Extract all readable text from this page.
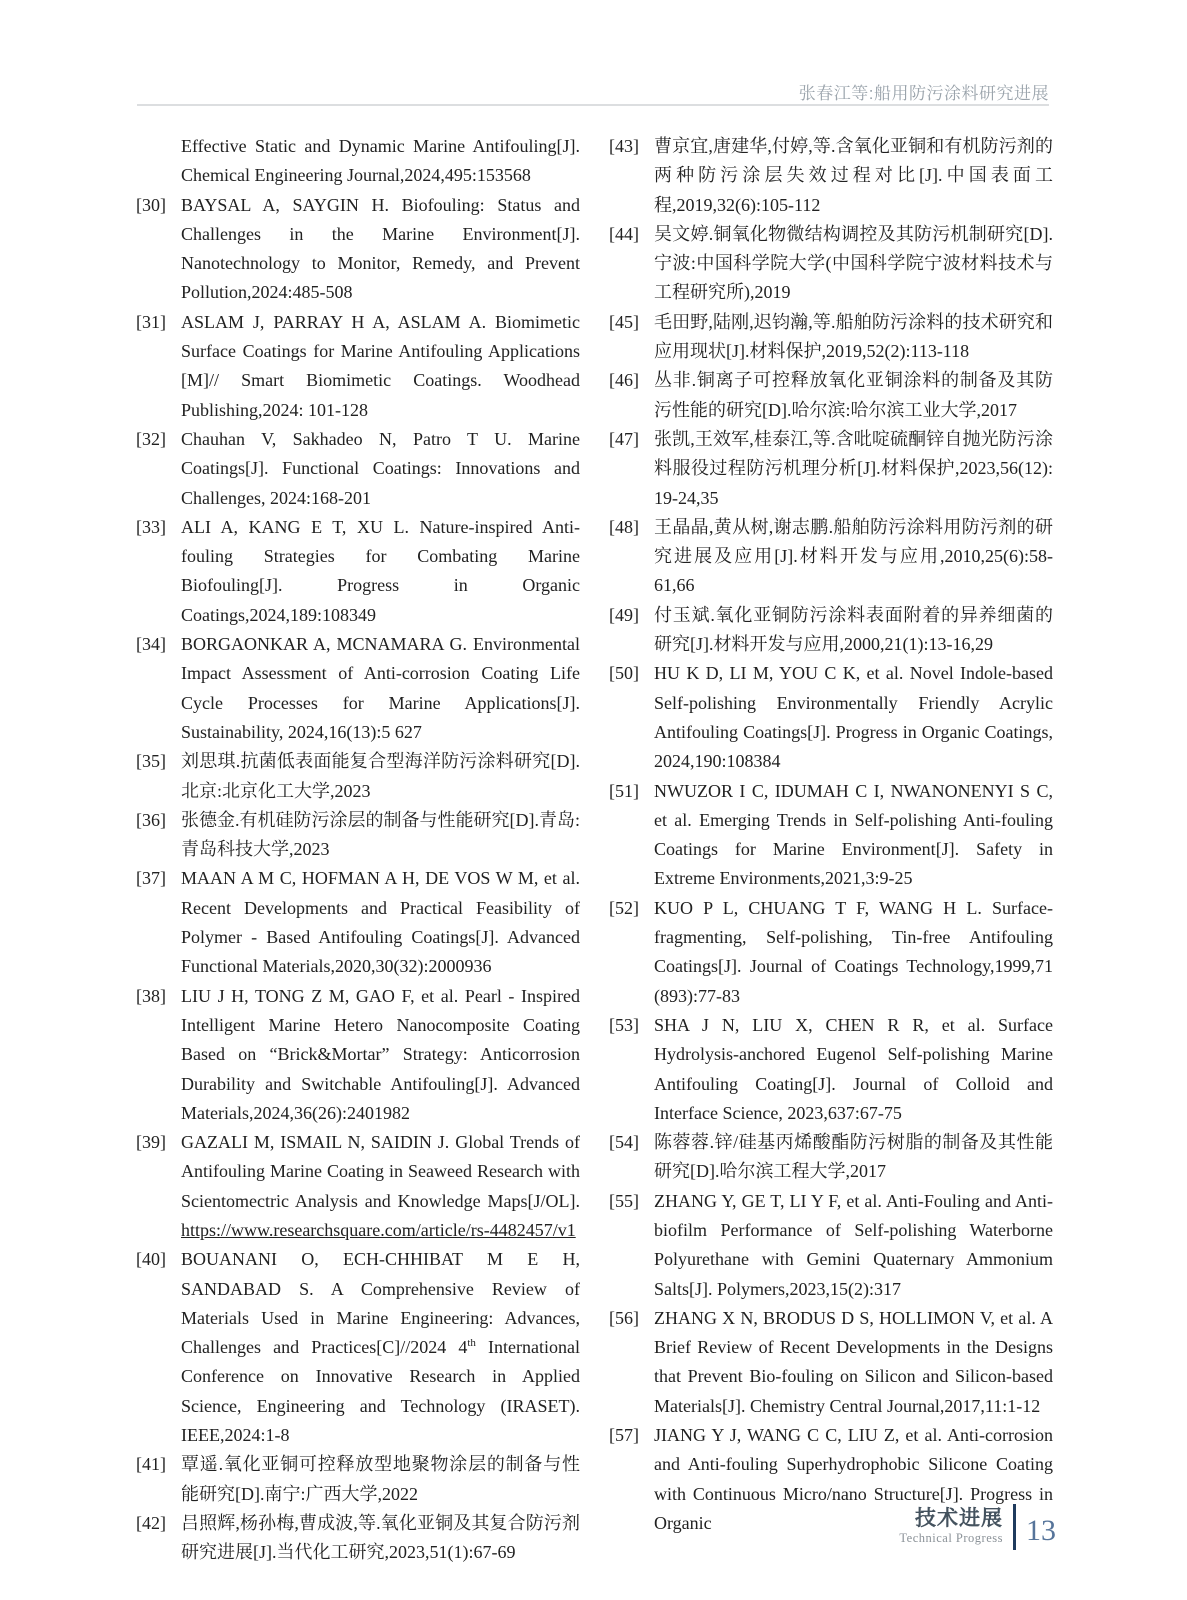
张春江等:船用防污涂料研究进展
Effective Static and Dynamic Marine Antifouling[J]. Chemical Engineering Journal,2024,495:153568
[30] BAYSAL A, SAYGIN H. Biofouling: Status and Challenges in the Marine Environment[J]. Nanotechnology to Monitor, Remedy, and Prevent Pollution,2024:485-508
[31] ASLAM J, PARRAY H A, ASLAM A. Biomimetic Surface Coatings for Marine Antifouling Applications [M]// Smart Biomimetic Coatings. Woodhead Publishing,2024: 101-128
[32] Chauhan V, Sakhadeo N, Patro T U. Marine Coatings[J]. Functional Coatings: Innovations and Challenges, 2024:168-201
[33] ALI A, KANG E T, XU L. Nature-inspired Anti-fouling Strategies for Combating Marine Biofouling[J]. Progress in Organic Coatings,2024,189:108349
[34] BORGAONKAR A, MCNAMARA G. Environmental Impact Assessment of Anti-corrosion Coating Life Cycle Processes for Marine Applications[J]. Sustainability, 2024,16(13):5 627
[35] 刘思琪.抗菌低表面能复合型海洋防污涂料研究[D].北京:北京化工大学,2023
[36] 张德金.有机硅防污涂层的制备与性能研究[D].青岛:青岛科技大学,2023
[37] MAAN A M C, HOFMAN A H, DE VOS W M, et al. Recent Developments and Practical Feasibility of Polymer - Based Antifouling Coatings[J]. Advanced Functional Materials,2020,30(32):2000936
[38] LIU J H, TONG Z M, GAO F, et al. Pearl - Inspired Intelligent Marine Hetero Nanocomposite Coating Based on “Brick&Mortar” Strategy: Anticorrosion Durability and Switchable Antifouling[J]. Advanced Materials,2024,36(26):2401982
[39] GAZALI M, ISMAIL N, SAIDIN J. Global Trends of Antifouling Marine Coating in Seaweed Research with Scientomectric Analysis and Knowledge Maps[J/OL]. https://www.researchsquare.com/article/rs-4482457/v1
[40] BOUANANI O, ECH-CHHIBAT M E H, SANDABAD S. A Comprehensive Review of Materials Used in Marine Engineering: Advances, Challenges and Practices[C]//2024 4th International Conference on Innovative Research in Applied Science, Engineering and Technology (IRASET). IEEE,2024:1-8
[41] 覃遥.氧化亚铜可控释放型地聚物涂层的制备与性能研究[D].南宁:广西大学,2022
[42] 吕照辉,杨孙梅,曹成波,等.氧化亚铜及其复合防污剂研究进展[J].当代化工研究,2023,51(1):67-69
[43] 曹京宜,唐建华,付婷,等.含氧化亚铜和有机防污剂的两种防污涂层失效过程对比[J].中国表面工程,2019,32(6):105-112
[44] 吴文婷.铜氧化物微结构调控及其防污机制研究[D].宁波:中国科学院大学(中国科学院宁波材料技术与工程研究所),2019
[45] 毛田野,陆刚,迟钧瀚,等.船舶防污涂料的技术研究和应用现状[J].材料保护,2019,52(2):113-118
[46] 丛非.铜离子可控释放氧化亚铜涂料的制备及其防污性能的研究[D].哈尔滨:哈尔滨工业大学,2017
[47] 张凯,王效军,桂泰江,等.含吡啶硫酮锌自抛光防污涂料服役过程防污机理分析[J].材料保护,2023,56(12): 19-24,35
[48] 王晶晶,黄从树,谢志鹏.船舶防污涂料用防污剂的研究进展及应用[J].材料开发与应用,2010,25(6):58-61,66
[49] 付玉斌.氧化亚铜防污涂料表面附着的异养细菌的研究[J].材料开发与应用,2000,21(1):13-16,29
[50] HU K D, LI M, YOU C K, et al. Novel Indole-based Self-polishing Environmentally Friendly Acrylic Antifouling Coatings[J]. Progress in Organic Coatings, 2024,190:108384
[51] NWUZOR I C, IDUMAH C I, NWANONENYI S C, et al. Emerging Trends in Self-polishing Anti-fouling Coatings for Marine Environment[J]. Safety in Extreme Environments,2021,3:9-25
[52] KUO P L, CHUANG T F, WANG H L. Surface-fragmenting, Self-polishing, Tin-free Antifouling Coatings[J]. Journal of Coatings Technology,1999,71 (893):77-83
[53] SHA J N, LIU X, CHEN R R, et al. Surface Hydrolysis-anchored Eugenol Self-polishing Marine Antifouling Coating[J]. Journal of Colloid and Interface Science, 2023,637:67-75
[54] 陈蓉蓉.锌/硅基丙烯酸酯防污树脂的制备及其性能研究[D].哈尔滨工程大学,2017
[55] ZHANG Y, GE T, LI Y F, et al. Anti-Fouling and Anti-biofilm Performance of Self-polishing Waterborne Polyurethane with Gemini Quaternary Ammonium Salts[J]. Polymers,2023,15(2):317
[56] ZHANG X N, BRODUS D S, HOLLIMON V, et al. A Brief Review of Recent Developments in the Designs that Prevent Bio-fouling on Silicon and Silicon-based Materials[J]. Chemistry Central Journal,2017,11:1-12
[57] JIANG Y J, WANG C C, LIU Z, et al. Anti-corrosion and Anti-fouling Superhydrophobic Silicone Coating with Continuous Micro/nano Structure[J]. Progress in Organic	技术进展
Technical Progress 13
